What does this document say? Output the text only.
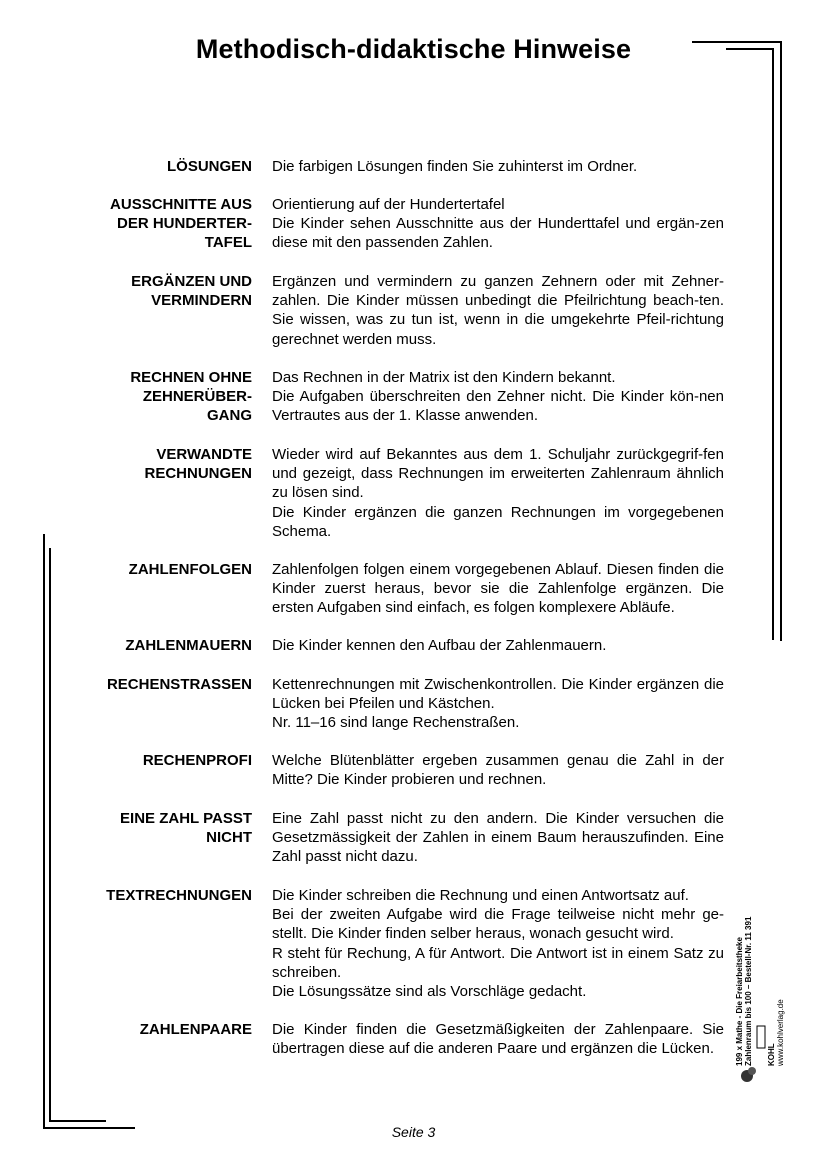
Methodisch-didaktische Hinweise
LÖSUNGEN Die farbigen Lösungen finden Sie zuhinterst im Ordner.
AUSSCHNITTE AUS
DER HUNDERTER-
TAFEL
Orientierung auf der Hundertertafel
Die Kinder sehen Ausschnitte aus der Hunderttafel und ergän-zen diese mit den passenden Zahlen.
ERGÄNZEN UND
VERMINDERN
Ergänzen und vermindern zu ganzen Zehnern oder mit Zehner-zahlen. Die Kinder müssen unbedingt die Pfeilrichtung beach-ten. Sie wissen, was zu tun ist, wenn in die umgekehrte Pfeil-richtung gerechnet werden muss.
RECHNEN OHNE
ZEHNERÜBER-
GANG
Das Rechnen in der Matrix ist den Kindern bekannt.
Die Aufgaben überschreiten den Zehner nicht. Die Kinder kön-nen Vertrautes aus der 1. Klasse anwenden.
VERWANDTE
RECHNUNGEN
Wieder wird auf Bekanntes aus dem 1. Schuljahr zurückgegrif-fen und gezeigt, dass Rechnungen im erweiterten Zahlenraum ähnlich zu lösen sind.
Die Kinder ergänzen die ganzen Rechnungen im vorgegebenen Schema.
ZAHLENFOLGEN Zahlenfolgen folgen einem vorgegebenen Ablauf. Diesen finden die Kinder zuerst heraus, bevor sie die Zahlenfolge ergänzen. Die ersten Aufgaben sind einfach, es folgen komplexere Abläufe.
ZAHLENMAUERN Die Kinder kennen den Aufbau der Zahlenmauern.
RECHENSTRASSEN Kettenrechnungen mit Zwischenkontrollen. Die Kinder ergänzen die Lücken bei Pfeilen und Kästchen.
Nr. 11–16 sind lange Rechenstraßen.
RECHENPROFI Welche Blütenblätter ergeben zusammen genau die Zahl in der Mitte? Die Kinder probieren und rechnen.
EINE ZAHL PASST
NICHT
Eine Zahl passt nicht zu den andern. Die Kinder versuchen die Gesetzmässigkeit der Zahlen in einem Baum herauszufinden. Eine Zahl passt nicht dazu.
TEXTRECHNUNGEN Die Kinder schreiben die Rechnung und einen Antwortsatz auf.
Bei der zweiten Aufgabe wird die Frage teilweise nicht mehr ge-stellt. Die Kinder finden selber heraus, wonach gesucht wird.
R steht für Rechung, A für Antwort. Die Antwort ist in einem Satz zu schreiben.
Die Lösungssätze sind als Vorschläge gedacht.
ZAHLENPAARE Die Kinder finden die Gesetzmäßigkeiten der Zahlenpaare. Sie übertragen diese auf die anderen Paare und ergänzen die Lücken.
Seite 3
199 x Mathe - Die Freiarbeitstheke Zahlenraum bis 100 – Bestell-Nr. 11 391 KOHL www.kohlverlag.de
